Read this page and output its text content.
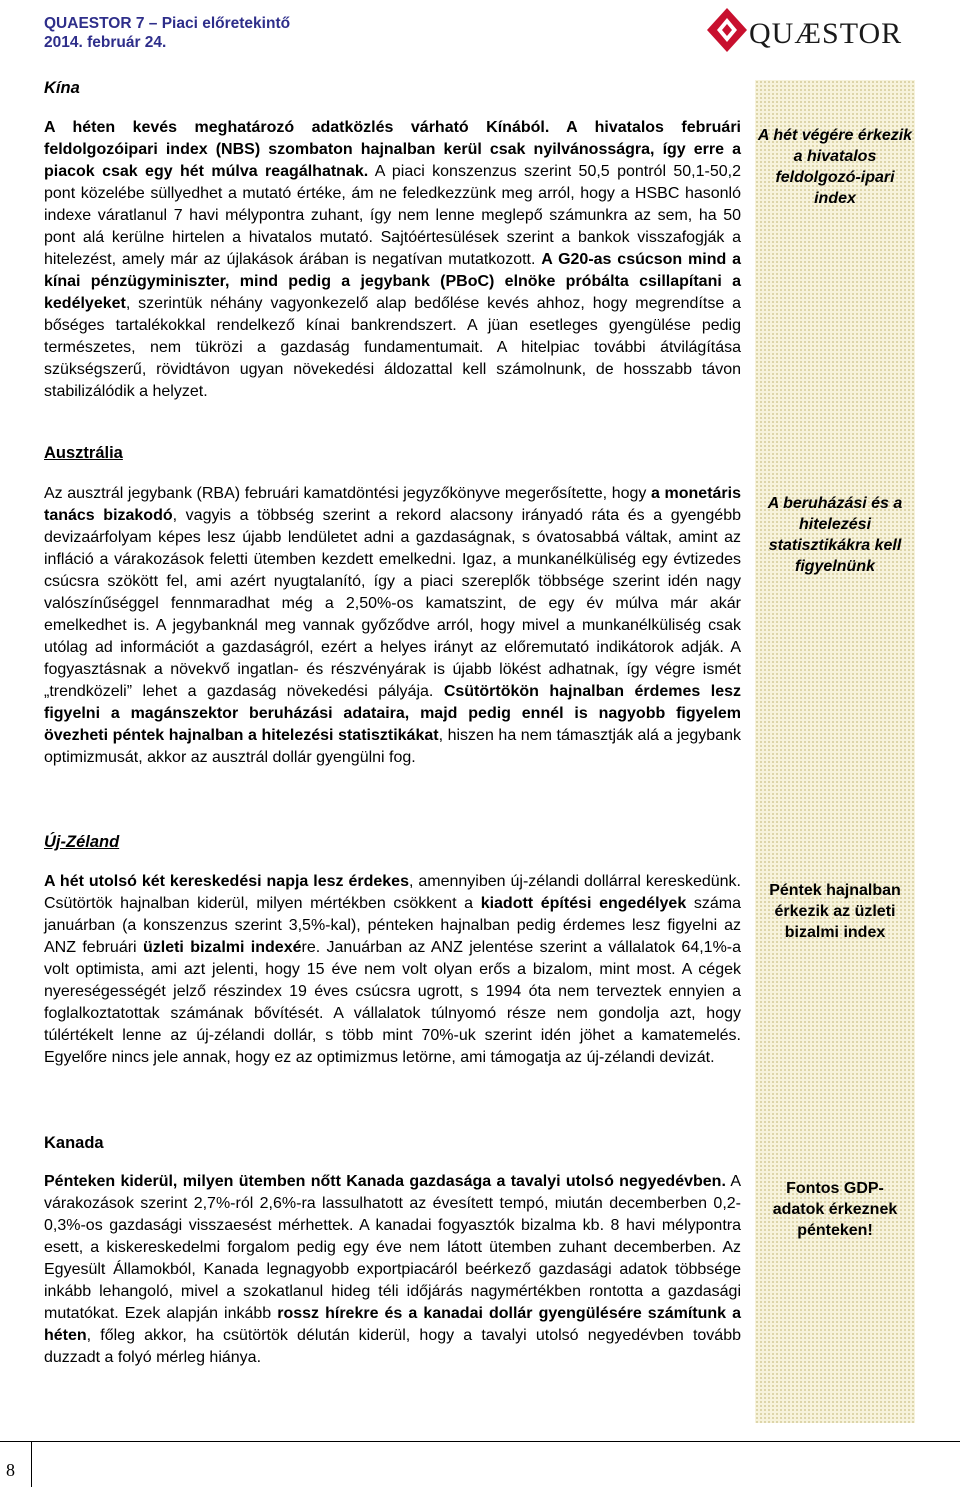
QUAESTOR 7 – Piaci előretekintő
2014. február 24.	QUÆSTOR
Kína
A héten kevés meghatározó adatközlés várható Kínából. A hivatalos februári feldolgozóipari index (NBS) szombaton hajnalban kerül csak nyilvánosságra, így erre a piacok csak egy hét múlva reagálhatnak. A piaci konszenzus szerint 50,5 pontról 50,1-50,2 pont közelébe süllyedhet a mutató értéke, ám ne feledkezzünk meg arról, hogy a HSBC hasonló indexe váratlanul 7 havi mélypontra zuhant, így nem lenne meglepő számunkra az sem, ha 50 pont alá kerülne hirtelen a hivatalos mutató. Sajtóértesülések szerint a bankok visszafogják a hitelezést, amely már az újlakások árában is negatívan mutatkozott. A G20-as csúcson mind a kínai pénzügyminiszter, mind pedig a jegybank (PBoC) elnöke próbálta csillapítani a kedélyeket, szerintük néhány vagyonkezelő alap bedőlése kevés ahhoz, hogy megrendítse a bőséges tartalékokkal rendelkező kínai bankrendszert. A jüan esetleges gyengülése pedig természetes, nem tükrözi a gazdaság fundamentumait. A hitelpiac további átvilágítása szükségszerű, rövidtávon ugyan növekedési áldozattal kell számolnunk, de hosszabb távon stabilizálódik a helyzet.
A hét végére érkezik a hivatalos feldolgozó-ipari index
Ausztrália
Az ausztrál jegybank (RBA) februári kamatdöntési jegyzőkönyve megerősítette, hogy a monetáris tanács bizakodó, vagyis a többség szerint a rekord alacsony irányadó ráta és a gyengébb devizaárfolyam képes lesz újabb lendületet adni a gazdaságnak, s óvatosabbá váltak, amint az infláció a várakozások feletti ütemben kezdett emelkedni. Igaz, a munkanélküliség egy évtizedes csúcsra szökött fel, ami azért nyugtalanító, így a piaci szereplők többsége szerint idén nagy valószínűséggel fennmaradhat még a 2,50%-os kamatszint, de egy év múlva már akár emelkedhet is. A jegybanknál meg vannak győződve arról, hogy mivel a munkanélküliség csak utólag ad információt a gazdaságról, ezért a helyes irányt az előremutató indikátorok adják. A fogyasztásnak a növekvő ingatlan- és részvényárak is újabb lökést adhatnak, így végre ismét „trendközeli” lehet a gazdaság növekedési pályája. Csütörtökön hajnalban érdemes lesz figyelni a magánszektor beruházási adataira, majd pedig ennél is nagyobb figyelem övezheti péntek hajnalban a hitelezési statisztikákat, hiszen ha nem támasztják alá a jegybank optimizmusát, akkor az ausztrál dollár gyengülni fog.
A beruházási és a hitelezési statisztikákra kell figyelnünk
Új-Zéland
A hét utolsó két kereskedési napja lesz érdekes, amennyiben új-zélandi dollárral kereskedünk. Csütörtök hajnalban kiderül, milyen mértékben csökkent a kiadott építési engedélyek száma januárban (a konszenzus szerint 3,5%-kal), pénteken hajnalban pedig érdemes lesz figyelni az ANZ februári üzleti bizalmi indexére. Januárban az ANZ jelentése szerint a vállalatok 64,1%-a volt optimista, ami azt jelenti, hogy 15 éve nem volt olyan erős a bizalom, mint most. A cégek nyereségességét jelző részindex 19 éves csúcsra ugrott, s 1994 óta nem terveztek ennyien a foglalkoztatottak számának bővítését. A vállalatok túlnyomó része nem gondolja azt, hogy túlértékelt lenne az új-zélandi dollár, s több mint 70%-uk szerint idén jöhet a kamatemelés. Egyelőre nincs jele annak, hogy ez az optimizmus letörne, ami támogatja az új-zélandi devizát.
Péntek hajnalban érkezik az üzleti bizalmi index
Kanada
Pénteken kiderül, milyen ütemben nőtt Kanada gazdasága a tavalyi utolsó negyedévben. A várakozások szerint 2,7%-ról 2,6%-ra lassulhatott az évesített tempó, miután decemberben 0,2-0,3%-os gazdasági visszaesést mérhettek. A kanadai fogyasztók bizalma kb. 8 havi mélypontra esett, a kiskereskedelmi forgalom pedig egy éve nem látott ütemben zuhant decemberben. Az Egyesült Államokból, Kanada legnagyobb exportpiacáról beérkező gazdasági adatok többsége inkább lehangoló, mivel a szokatlanul hideg téli időjárás nagymértékben rontotta a gazdasági mutatókat. Ezek alapján inkább rossz hírekre és a kanadai dollár gyengülésére számítunk a héten, főleg akkor, ha csütörtök délután kiderül, hogy a tavalyi utolsó negyedévben tovább duzzadt a folyó mérleg hiánya.
Fontos GDP-adatok érkeznek pénteken!
8
